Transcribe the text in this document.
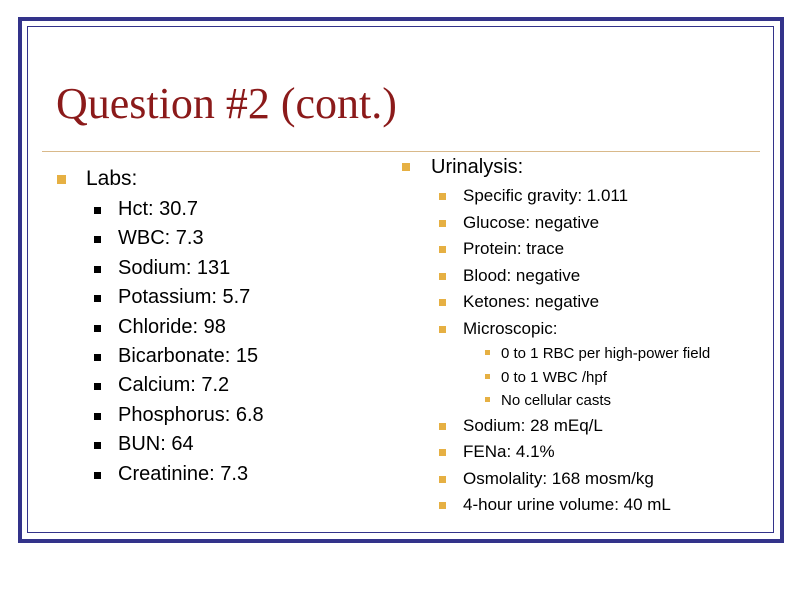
Question #2 (cont.)
Labs:
Hct: 30.7
WBC: 7.3
Sodium: 131
Potassium: 5.7
Chloride: 98
Bicarbonate: 15
Calcium: 7.2
Phosphorus: 6.8
BUN: 64
Creatinine: 7.3
Urinalysis:
Specific gravity: 1.011
Glucose: negative
Protein: trace
Blood: negative
Ketones: negative
Microscopic:
0 to 1 RBC per high-power field
0 to 1 WBC /hpf
No cellular casts
Sodium: 28 mEq/L
FENa: 4.1%
Osmolality: 168 mosm/kg
4-hour urine volume: 40 mL
